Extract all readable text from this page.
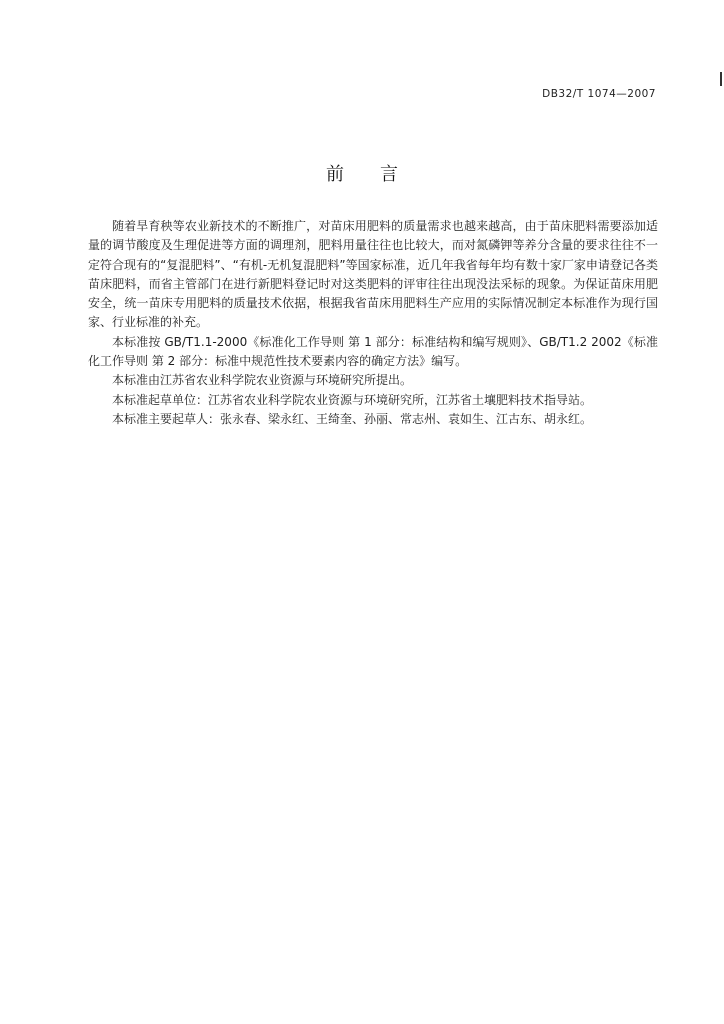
DB32/T 1074—2007
前言

随着旱育秧等农业新技术的不断推广，对苗床用肥料的质量需求也越来越高，由于苗床肥料需要添加适量的调节酸度及生理促进等方面的调理剂，肥料用量往往也比较大，而对氮磷钾等养分含量的要求往往不一定符合现有的“复混肥料”、“有机-无机复混肥料”等国家标准，近几年我省每年均有数十家厂家申请登记各类苗床肥料，而省主管部门在进行新肥料登记时对这类肥料的评审往往出现没法采标的现象。为保证苗床用肥安全，统一苗床专用肥料的质量技术依据，根据我省苗床用肥料生产应用的实际情况制定本标准作为现行国家、行业标准的补充。

本标准按 GB/T1.1-2000《标准化工作导则 第 1 部分：标准结构和编写规则》、GB/T1.2 2002《标准化工作导则 第 2 部分：标准中规范性技术要素内容的确定方法》编写。

本标准由江苏省农业科学院农业资源与环境研究所提出。

本标准起草单位：江苏省农业科学院农业资源与环境研究所，江苏省土壤肥料技术指导站。

本标准主要起草人：张永春、梁永红、王绮奎、孙丽、常志州、袁如生、江古东、胡永红。
